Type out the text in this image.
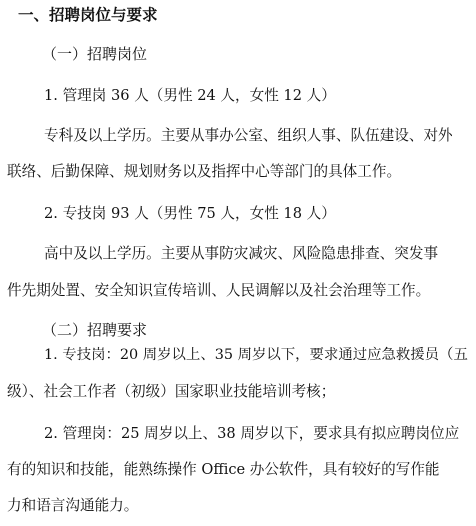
一、招聘岗位与要求
（一）招聘岗位
1. 管理岗 36 人（男性 24 人，女性 12 人）
专科及以上学历。主要从事办公室、组织人事、队伍建设、对外
联络、后勤保障、规划财务以及指挥中心等部门的具体工作。
2. 专技岗 93 人（男性 75 人，女性 18 人）
高中及以上学历。主要从事防灾减灾、风险隐患排查、突发事
件先期处置、安全知识宣传培训、人民调解以及社会治理等工作。
（二）招聘要求
1. 专技岗：20 周岁以上、35 周岁以下，要求通过应急救援员（五
级）、社会工作者（初级）国家职业技能培训考核；
2. 管理岗：25 周岁以上、38 周岁以下，要求具有拟应聘岗位应
有的知识和技能，能熟练操作 Office 办公软件，具有较好的写作能
力和语言沟通能力。
